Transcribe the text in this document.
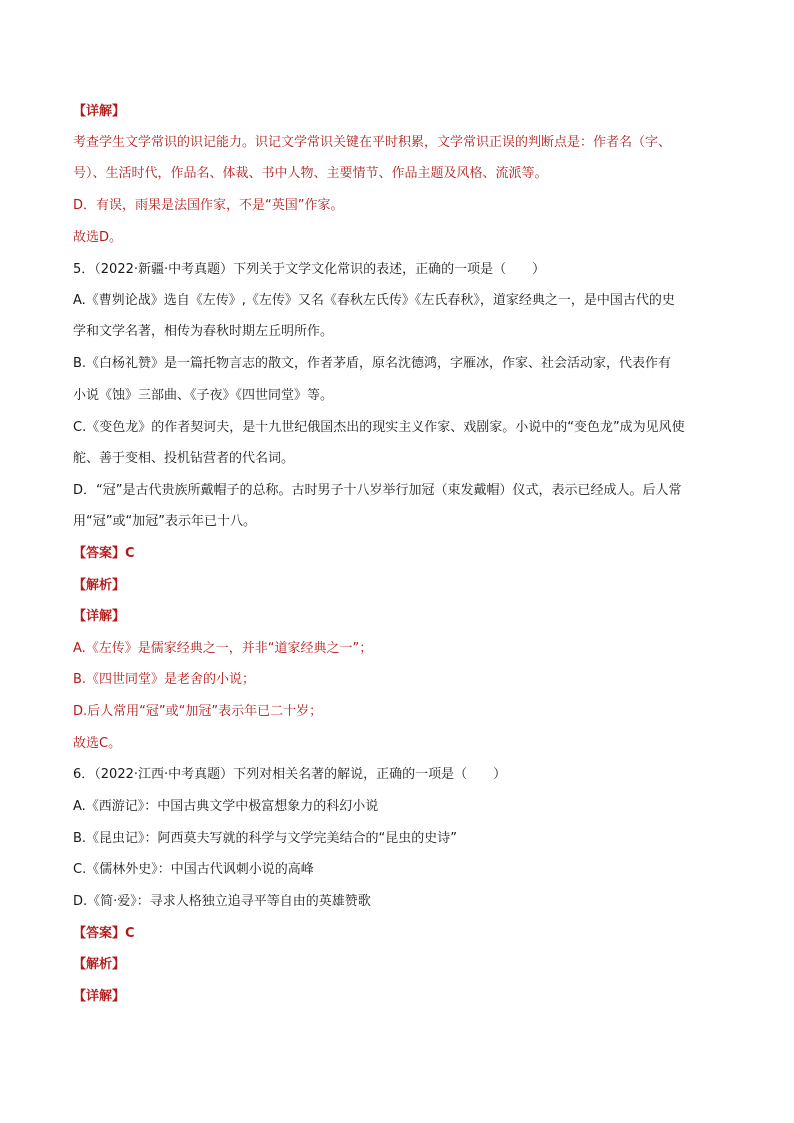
【详解】
考查学生文学常识的识记能力。识记文学常识关键在平时积累，文学常识正误的判断点是：作者名（字、
号）、生活时代，作品名、体裁、书中人物、主要情节、作品主题及风格、流派等。
D．有误，雨果是法国作家，不是“英国”作家。
故选D。
5．（2022·新疆·中考真题）下列关于文学文化常识的表述，正确的一项是（　　）
A.《曹刿论战》选自《左传》,《左传》又名《春秋左氏传》《左氏春秋》，道家经典之一，是中国古代的史
学和文学名著，相传为春秋时期左丘明所作。
B.《白杨礼赞》是一篇托物言志的散文，作者茅盾，原名沈德鸿，字雁冰，作家、社会活动家，代表作有
小说《蚀》三部曲、《子夜》《四世同堂》等。
C.《变色龙》的作者契诃夫，是十九世纪俄国杰出的现实主义作家、戏剧家。小说中的“变色龙”成为见风使
舵、善于变相、投机钻营者的代名词。
D．“冠”是古代贵族所戴帽子的总称。古时男子十八岁举行加冠（束发戴帽）仪式，表示已经成人。后人常
用“冠”或“加冠”表示年已十八。
【答案】C
【解析】
【详解】
A.《左传》是儒家经典之一，并非“道家经典之一”；
B.《四世同堂》是老舍的小说；
D.后人常用“冠”或“加冠”表示年已二十岁；
故选C。
6．（2022·江西·中考真题）下列对相关名著的解说，正确的一项是（　　）
A.《西游记》：中国古典文学中极富想象力的科幻小说
B.《昆虫记》：阿西莫夫写就的科学与文学完美结合的“昆虫的史诗”
C.《儒林外史》：中国古代讽刺小说的高峰
D.《简·爱》：寻求人格独立追寻平等自由的英雄赞歌
【答案】C
【解析】
【详解】
